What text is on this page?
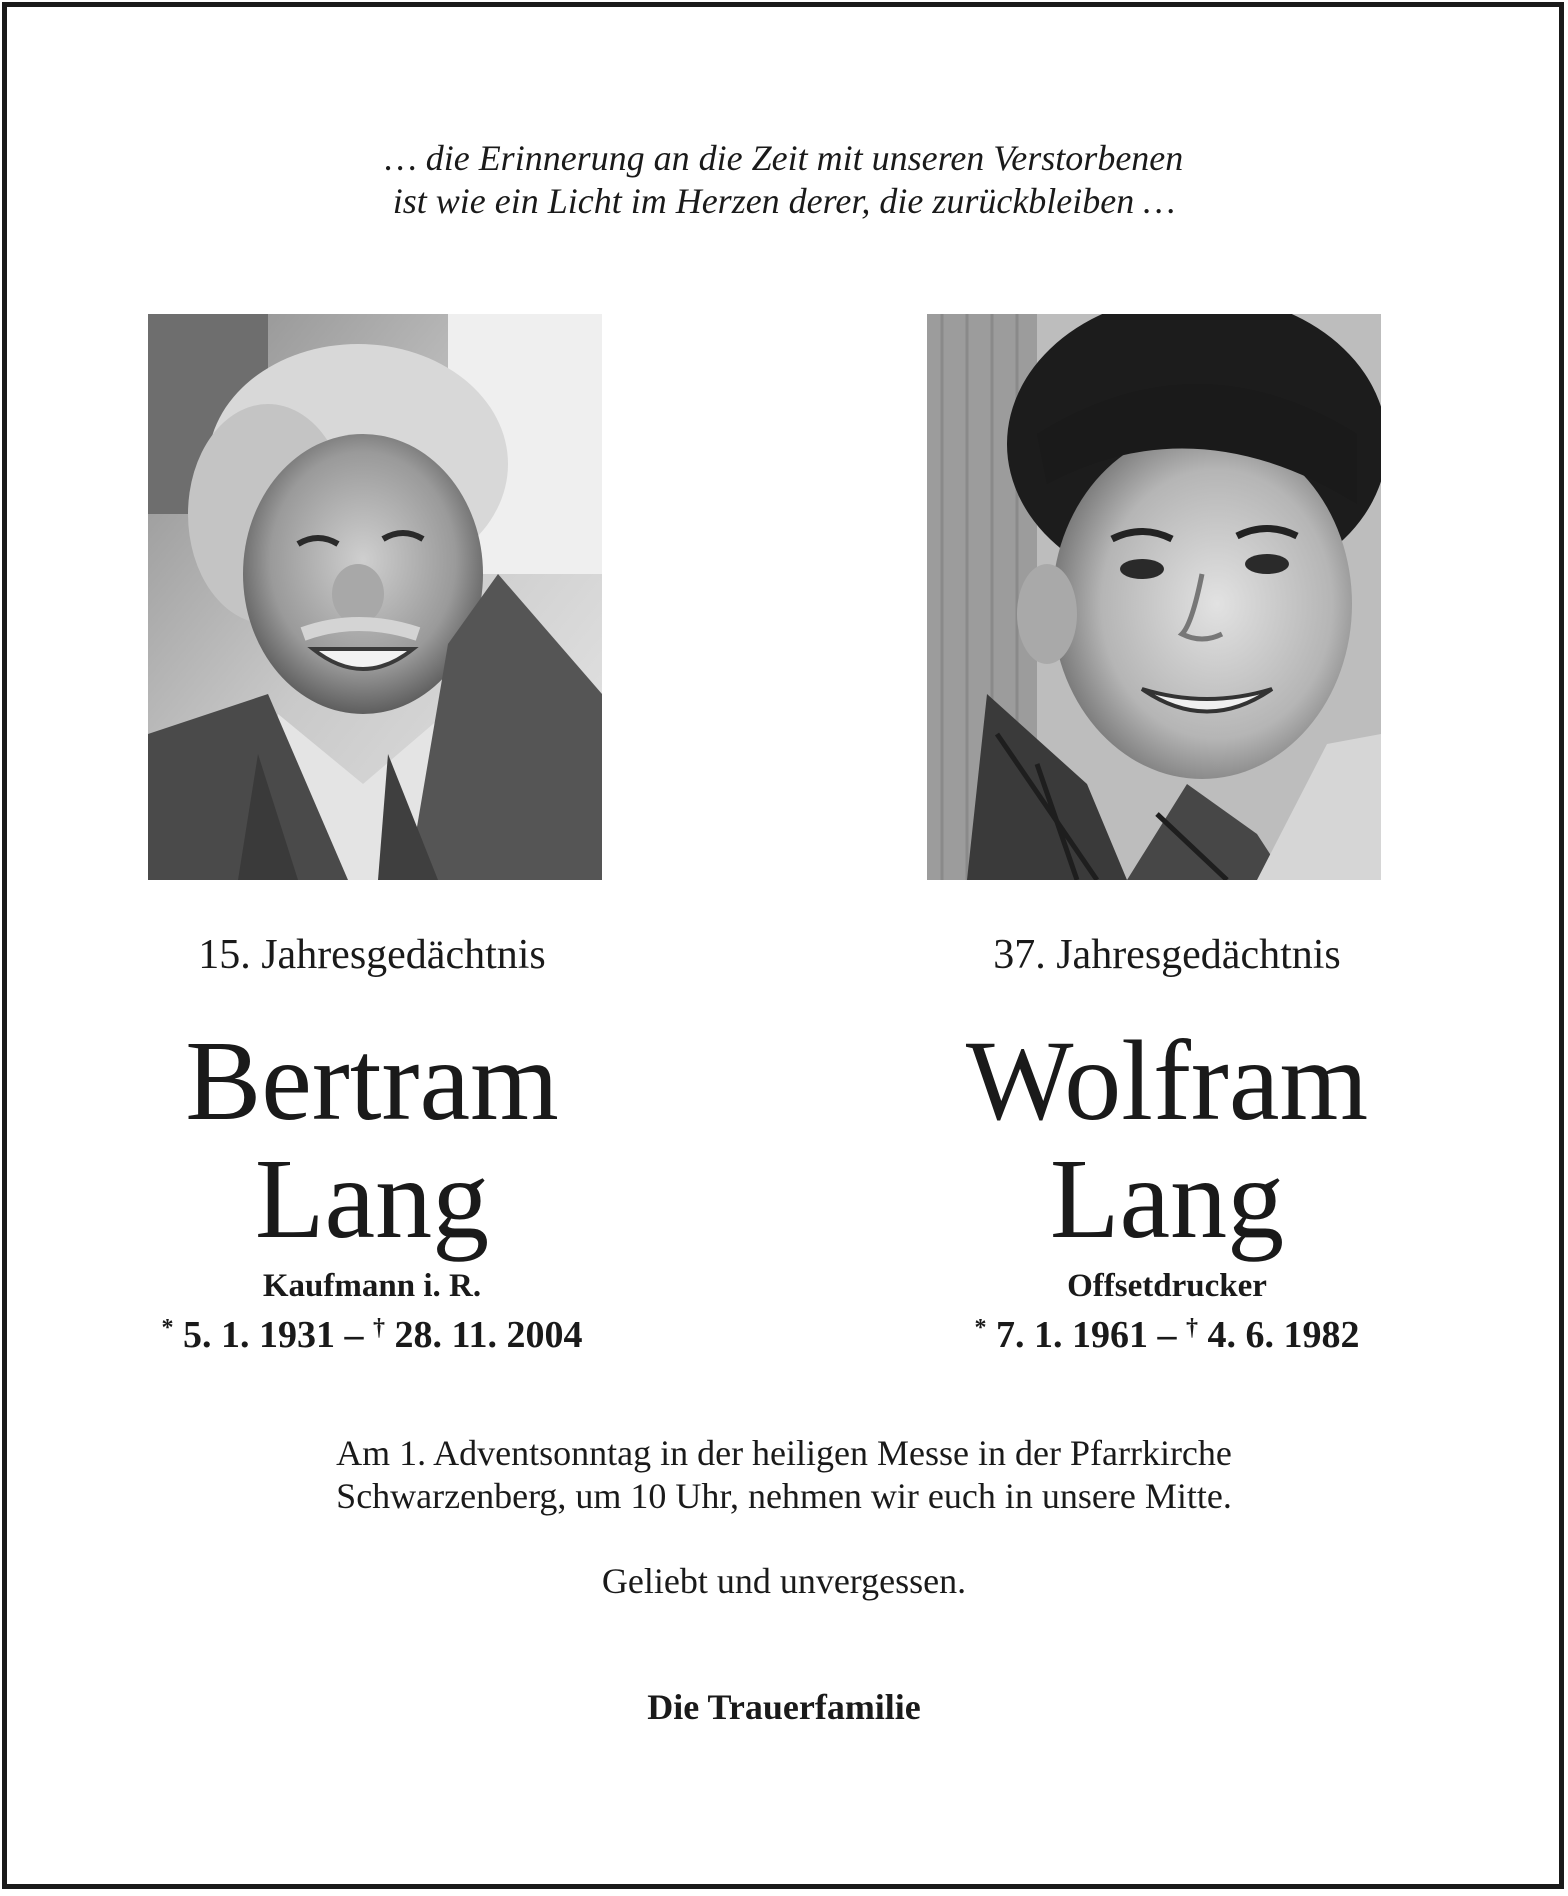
… die Erinnerung an die Zeit mit unseren Verstorbenen
ist wie ein Licht im Herzen derer, die zurückbleiben …
15. Jahresgedächtnis
Bertram
Lang
Kaufmann i. R.
* 5. 1. 1931 – † 28. 11. 2004
37. Jahresgedächtnis
Wolfram
Lang
Offsetdrucker
* 7. 1. 1961 – † 4. 6. 1982
Am 1. Adventsonntag in der heiligen Messe in der Pfarrkirche
Schwarzenberg, um 10 Uhr, nehmen wir euch in unsere Mitte.
Geliebt und unvergessen.
Die Trauerfamilie
